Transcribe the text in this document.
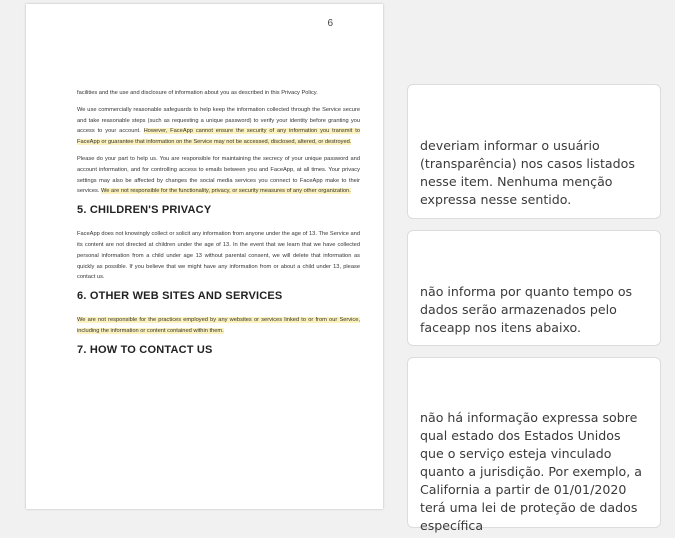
6

facilities and the use and disclosure of information about you as described in this Privacy Policy.

We use commercially reasonable safeguards to help keep the information collected through the Service secure and take reasonable steps (such as requesting a unique password) to verify your identity before granting you access to your account. However, FaceApp cannot ensure the security of any information you transmit to FaceApp or guarantee that information on the Service may not be accessed, disclosed, altered, or destroyed.

Please do your part to help us. You are responsible for maintaining the secrecy of your unique password and account information, and for controlling access to emails between you and FaceApp, at all times. Your privacy settings may also be affected by changes the social media services you connect to FaceApp make to their services. We are not responsible for the functionality, privacy, or security measures of any other organization.

5. CHILDREN'S PRIVACY

FaceApp does not knowingly collect or solicit any information from anyone under the age of 13. The Service and its content are not directed at children under the age of 13. In the event that we learn that we have collected personal information from a child under age 13 without parental consent, we will delete that information as quickly as possible. If you believe that we might have any information from or about a child under 13, please contact us.

6. OTHER WEB SITES AND SERVICES

We are not responsible for the practices employed by any websites or services linked to or from our Service, including the information or content contained within them.

7. HOW TO CONTACT US
deveriam informar o usuário (transparência) nos casos listados nesse item. Nenhuma menção expressa nesse sentido.
não informa por quanto tempo os dados serão armazenados pelo faceapp nos itens abaixo.
não há informação expressa sobre qual estado dos Estados Unidos que o serviço esteja vinculado quanto a jurisdição. Por exemplo, a California a partir de 01/01/2020 terá uma lei de proteção de dados específica
